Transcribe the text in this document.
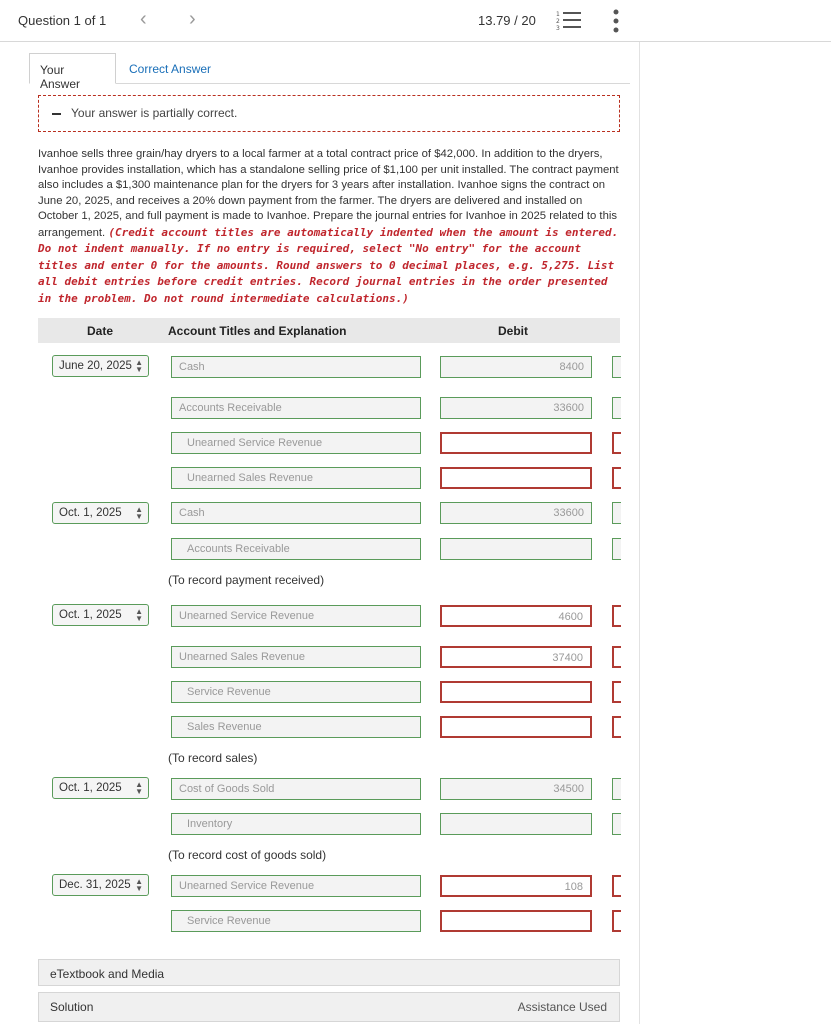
Question 1 of 1 ‹ ›	13.79 / 20	1
2
3
Your Answer
Correct Answer
Your answer is partially correct.
Ivanhoe sells three grain/hay dryers to a local farmer at a total contract price of $42,000. In addition to the dryers, Ivanhoe provides installation, which has a standalone selling price of $1,100 per unit installed. The contract payment also includes a $1,300 maintenance plan for the dryers for 3 years after installation. Ivanhoe signs the contract on June 20, 2025, and receives a 20% down payment from the farmer. The dryers are delivered and installed on October 1, 2025, and full payment is made to Ivanhoe. Prepare the journal entries for Ivanhoe in 2025 related to this arrangement. (Credit account titles are automatically indented when the amount is entered. Do not indent manually. If no entry is required, select "No entry" for the account titles and enter 0 for the amounts. Round answers to 0 decimal places, e.g. 5,275. List all debit entries before credit entries. Record journal entries in the order presented in the problem. Do not round intermediate calculations.)
Date	Account Titles and Explanation	Debit
June 20, 2025 ▲
▼	Cash	8400
Accounts Receivable	33600
Unearned Service Revenue
Unearned Sales Revenue
Oct. 1, 2025 ▲
▼	Cash	33600
Accounts Receivable
(To record payment received)
Oct. 1, 2025 ▲
▼	Unearned Service Revenue	4600
Unearned Sales Revenue	37400
Service Revenue
Sales Revenue
(To record sales)
Oct. 1, 2025 ▲
▼	Cost of Goods Sold	34500
Inventory
(To record cost of goods sold)
Dec. 31, 2025 ▲
▼	Unearned Service Revenue	108
Service Revenue
eTextbook and Media
Solution	Assistance Used
